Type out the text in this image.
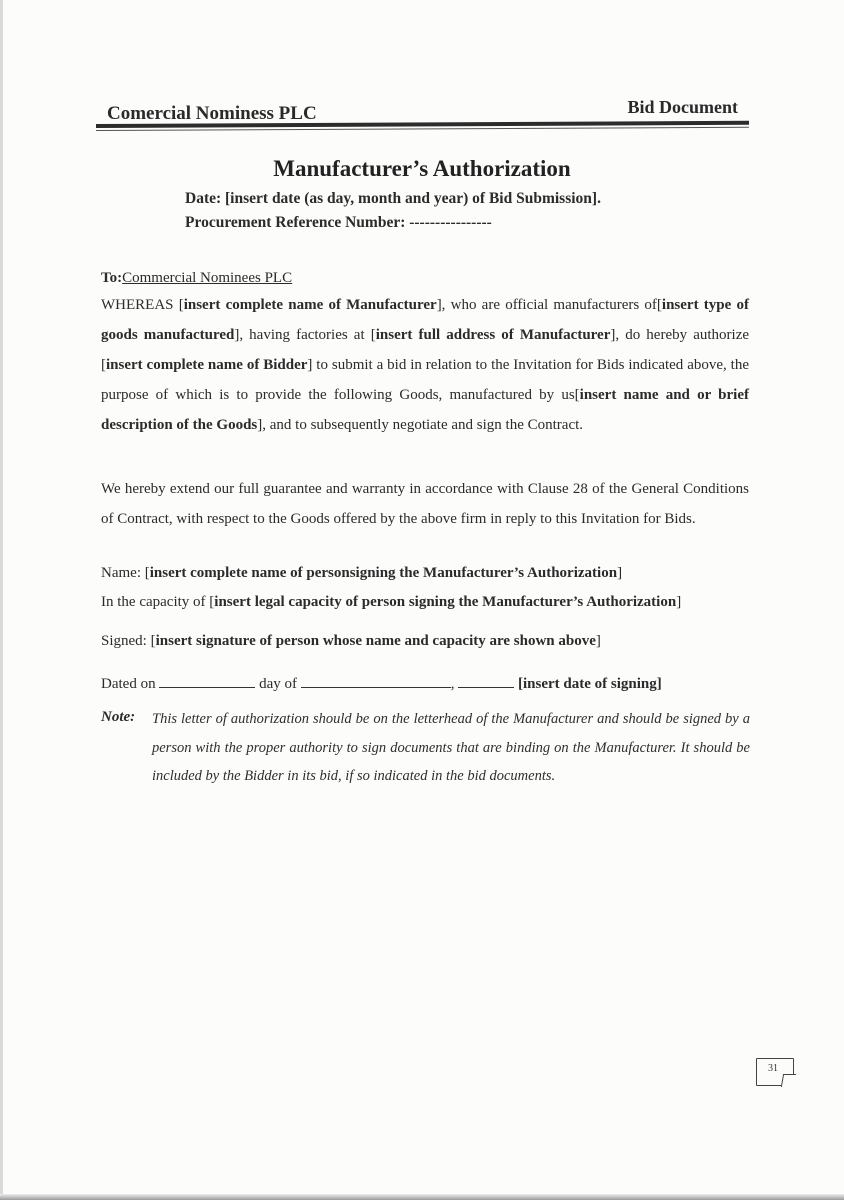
Comercial Nominess PLC	Bid Document
Manufacturer’s Authorization
Date: [insert date (as day, month and year) of Bid Submission].
Procurement Reference Number: ----------------
To:Commercial Nominees PLC
WHEREAS [insert complete name of Manufacturer], who are official manufacturers of[insert type of goods manufactured], having factories at [insert full address of Manufacturer], do hereby authorize [insert complete name of Bidder] to submit a bid in relation to the Invitation for Bids indicated above, the purpose of which is to provide the following Goods, manufactured by us[insert name and or brief description of the Goods], and to subsequently negotiate and sign the Contract.
We hereby extend our full guarantee and warranty in accordance with Clause 28 of the General Conditions of Contract, with respect to the Goods offered by the above firm in reply to this Invitation for Bids.
Name: [insert complete name of personsigning the Manufacturer’s Authorization]
In the capacity of [insert legal capacity of person signing the Manufacturer’s Authorization]
Signed: [insert signature of person whose name and capacity are shown above]
Dated on	day of	,	[insert date of signing]
Note: This letter of authorization should be on the letterhead of the Manufacturer and should be signed by a person with the proper authority to sign documents that are binding on the Manufacturer. It should be included by the Bidder in its bid, if so indicated in the bid documents.
31
